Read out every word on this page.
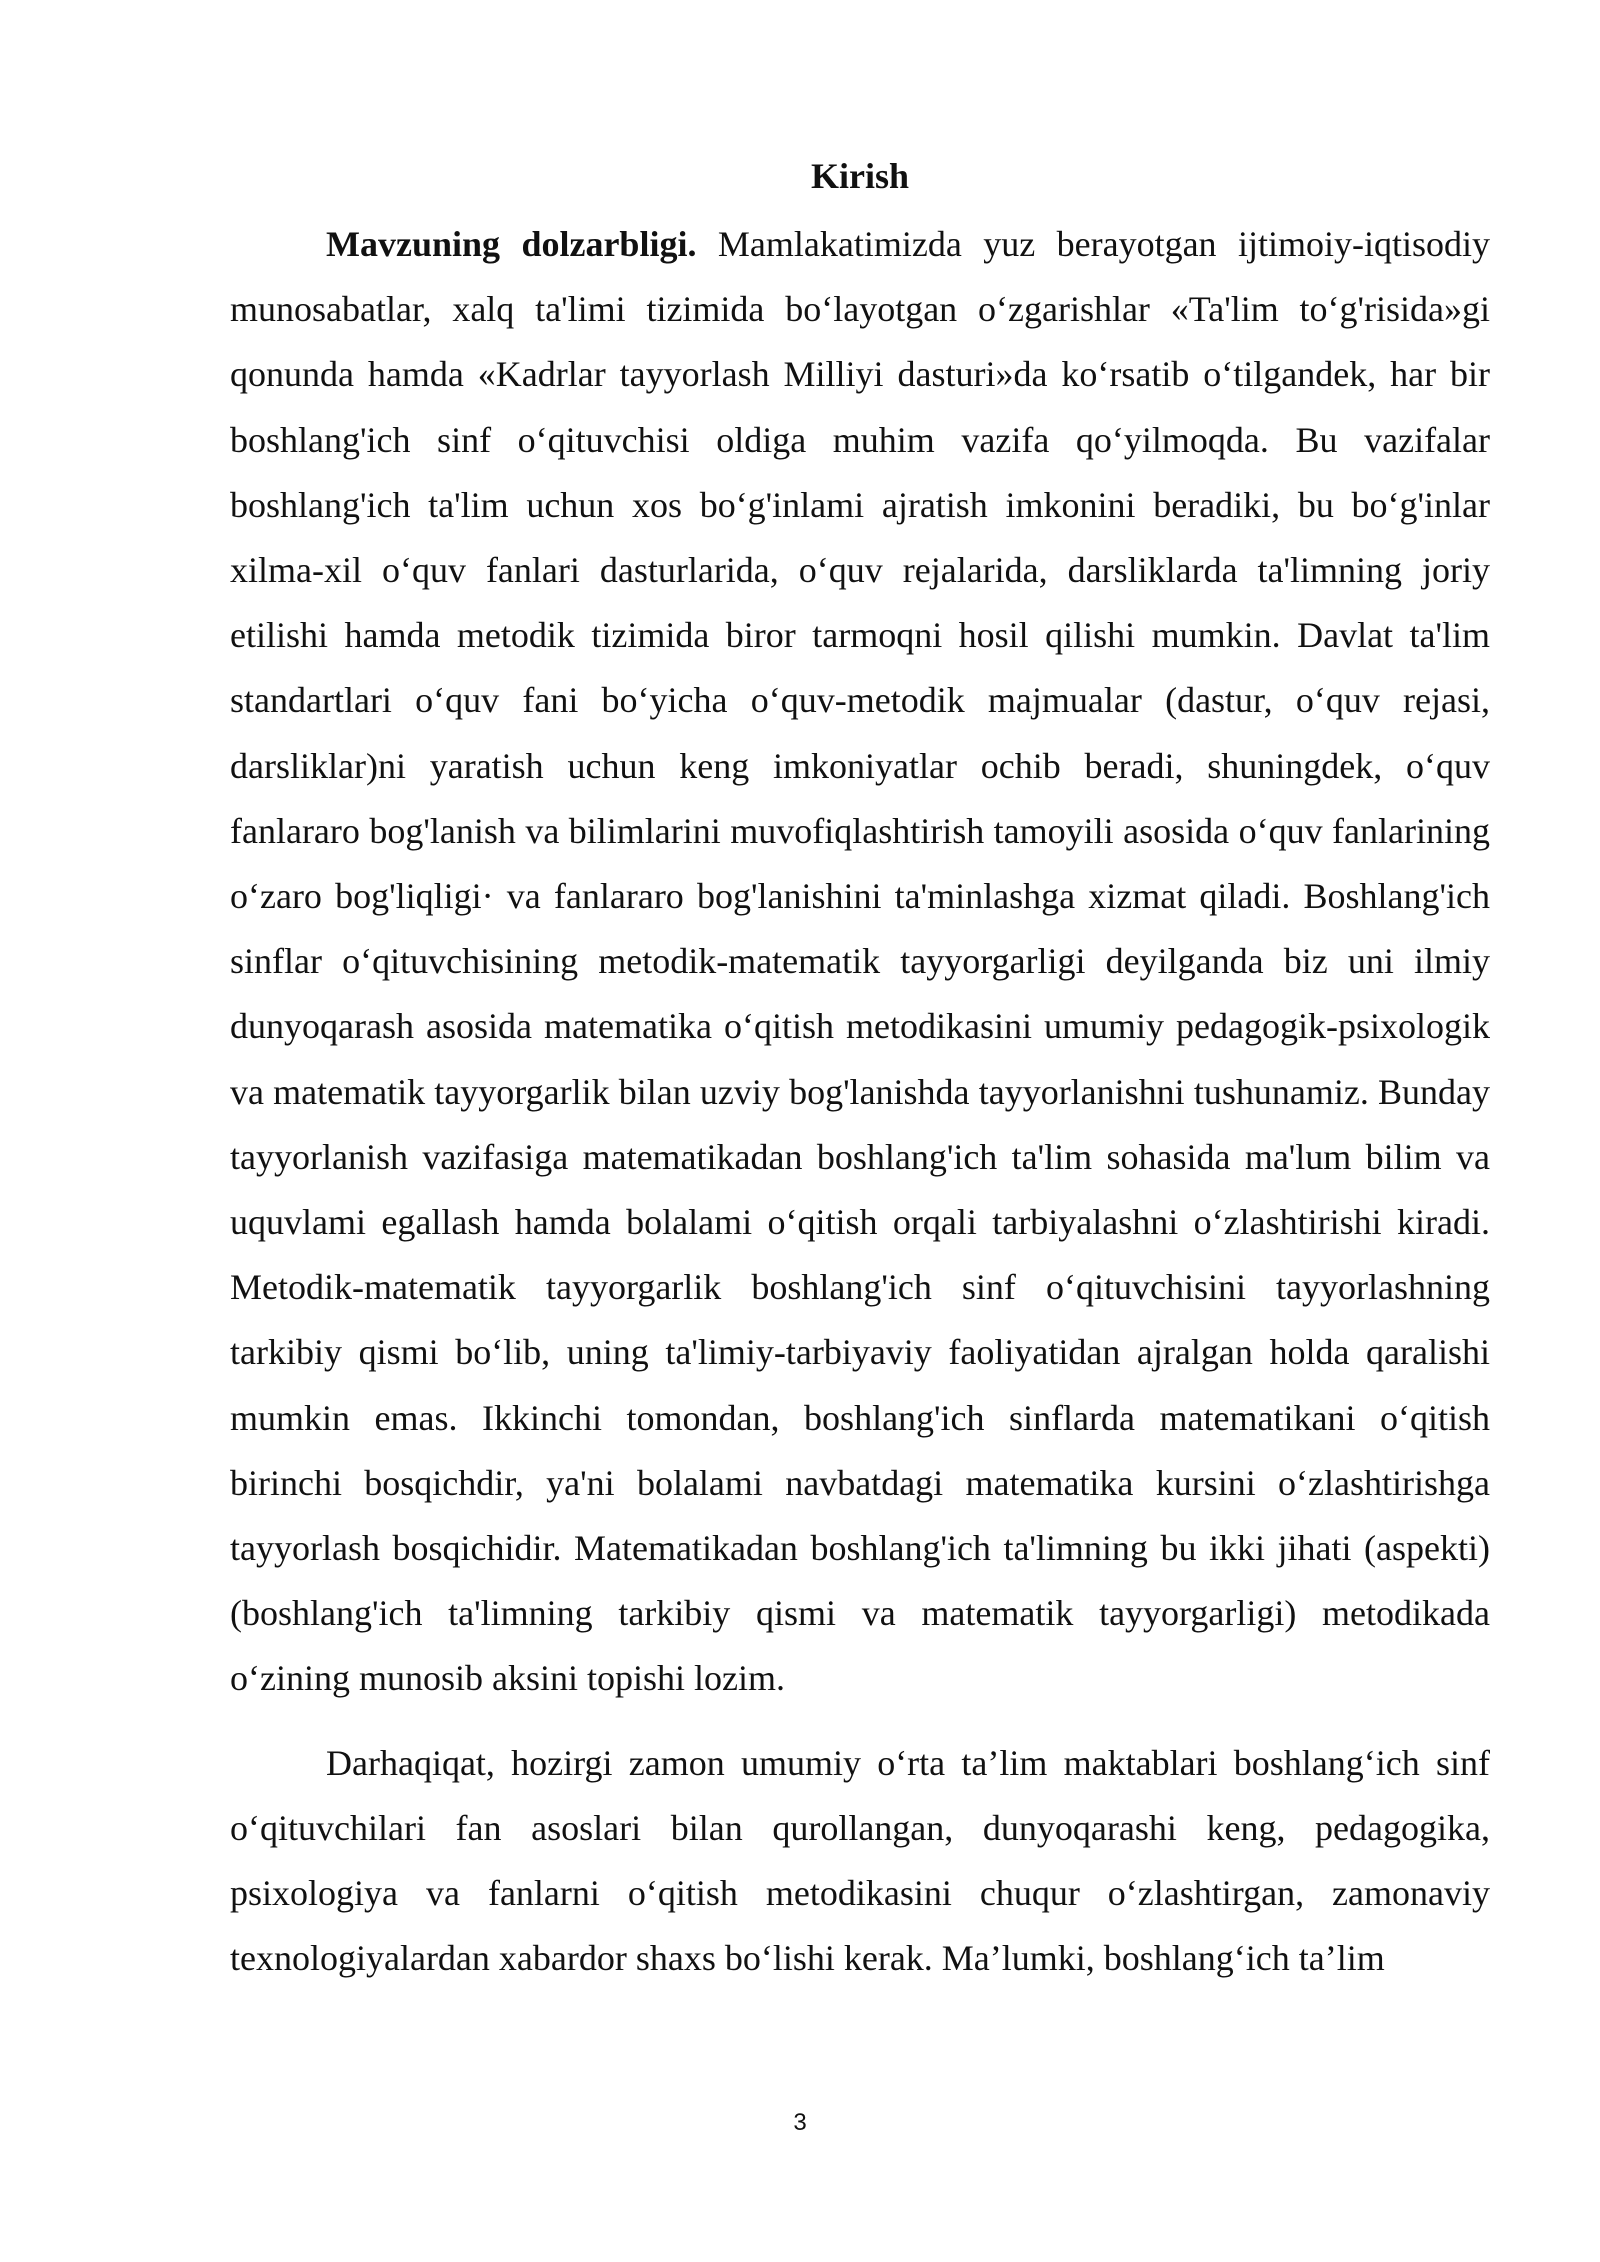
Kirish

Mavzuning dolzarbligi. Mamlakatimizda yuz berayotgan ijtimoiy-iqtisodiy munosabatlar, xalq ta'limi tizimida bo‘layotgan o‘zgarishlar «Ta'lim to‘g'risida»gi qonunda hamda «Kadrlar tayyorlash Milliyi dasturi»da ko‘rsatib o‘tilgandek, har bir boshlang'ich sinf o‘qituvchisi oldiga muhim vazifa qo‘yilmoqda. Bu vazifalar boshlang'ich ta'lim uchun xos bo‘g'inlami ajratish imkonini beradiki, bu bo‘g'inlar xilma-xil o‘quv fanlari dasturlarida, o‘quv rejalarida, darsliklarda ta'limning joriy etilishi hamda metodik tizimida biror tarmoqni hosil qilishi mumkin. Davlat ta'lim standartlari o‘quv fani bo‘yicha o‘quv-metodik majmualar (dastur, o‘quv rejasi, darsliklar)ni yaratish uchun keng imkoniyatlar ochib beradi, shuningdek, o‘quv fanlararo bog'lanish va bilimlarini muvofiqlashtirish tamoyili asosida o‘quv fanlarining o‘zaro bog'liqligi· va fanlararo bog'lanishini ta'minlashga xizmat qiladi. Boshlang'ich sinflar o‘qituvchisining metodik-matematik tayyorgarligi deyilganda biz uni ilmiy dunyoqarash asosida matematika o‘qitish metodikasini umumiy pedagogik-psixologik va matematik tayyorgarlik bilan uzviy bog'lanishda tayyorlanishni tushunamiz. Bunday tayyorlanish vazifasiga matematikadan boshlang'ich ta'lim sohasida ma'lum bilim va uquvlami egallash hamda bolalami o‘qitish orqali tarbiyalashni o‘zlashtirishi kiradi. Metodik-matematik tayyorgarlik boshlang'ich sinf o‘qituvchisini tayyorlashning tarkibiy qismi bo‘lib, uning ta'limiy-tarbiyaviy faoliyatidan ajralgan holda qaralishi mumkin emas. Ikkinchi tomondan, boshlang'ich sinflarda matematikani o‘qitish birinchi bosqichdir, ya'ni bolalami navbatdagi matematika kursini o‘zlashtirishga tayyorlash bosqichidir. Matematikadan boshlang'ich ta'limning bu ikki jihati (aspekti) (boshlang'ich ta'limning tarkibiy qismi va matematik tayyorgarligi) metodikada o‘zining munosib aksini topishi lozim.

Darhaqiqat, hozirgi zamon umumiy o‘rta ta’lim maktablari boshlang‘ich sinf o‘qituvchilari fan asoslari bilan qurollangan, dunyoqarashi keng, pedagogika, psixologiya va fanlarni o‘qitish metodikasini chuqur o‘zlashtirgan, zamonaviy texnologiyalardan xabardor shaxs bo‘lishi kerak. Ma’lumki, boshlang‘ich ta’lim

3
